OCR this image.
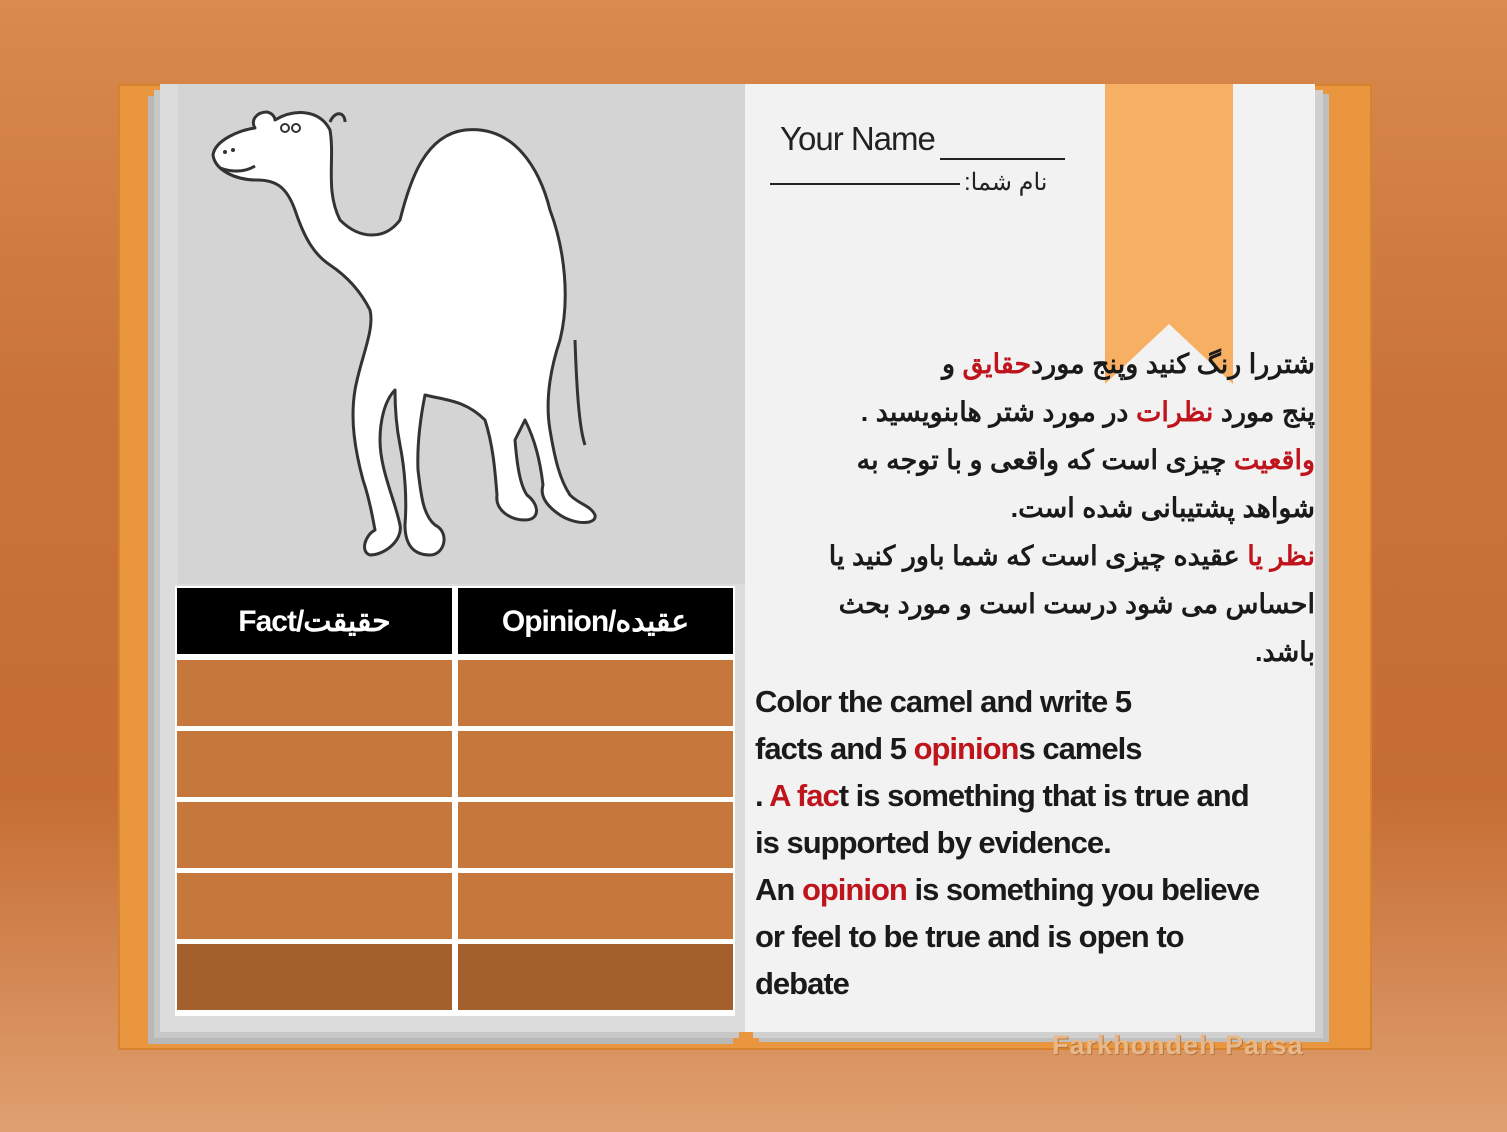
Your Name
نام شما:
شتررا رنگ کنید وپنج موردحقایق و
پنج مورد نظرات در مورد شتر هابنویسید .
واقعیت چیزی است که واقعی و با توجه به
شواهد پشتیبانی شده است.
نظر یا عقیده چیزی است که شما باور کنید یا
احساس می شود درست است و مورد بحث
باشد.
Color the camel and write 5
facts and 5 opinions camels
. A fact is something that is true and
is supported by evidence.
An opinion is something you believe
or feel to be true and is open to
debate
Fact/حقیقت	Opinion/عقیده
Farkhondeh Parsa
